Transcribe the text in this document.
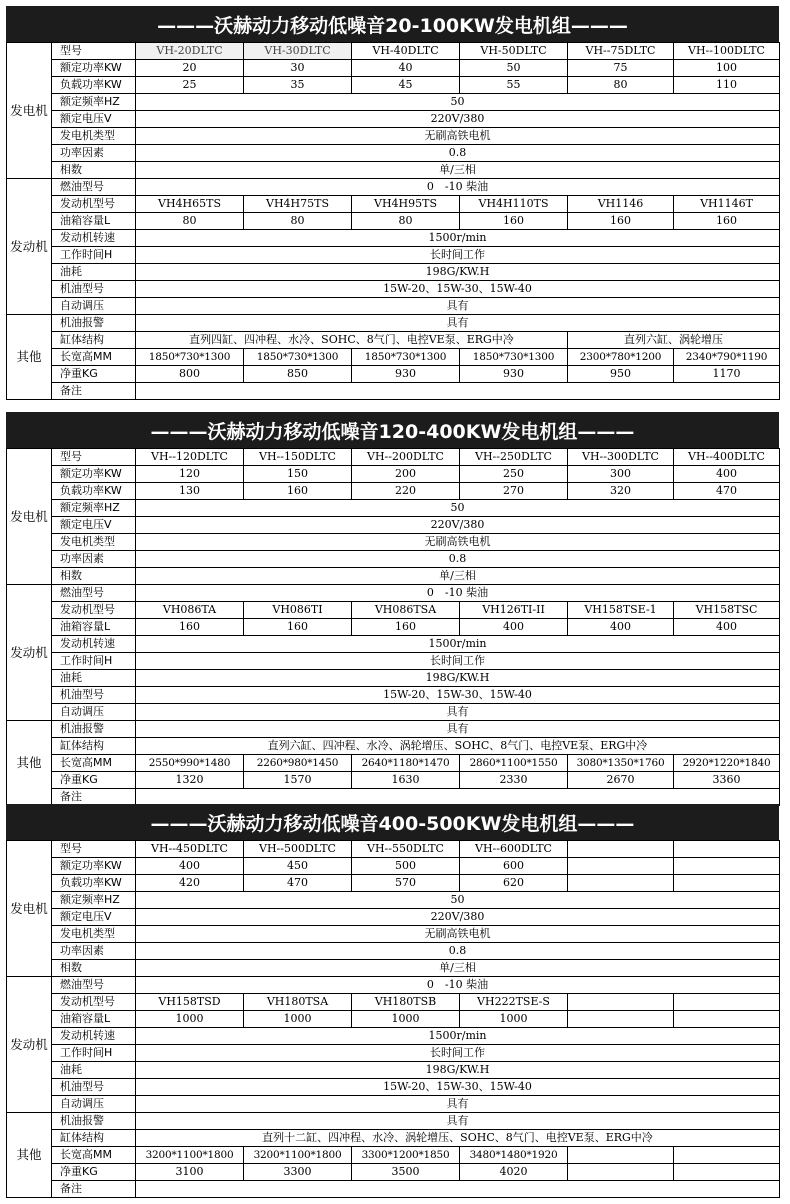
———沃赫动力移动低噪音20-100KW发电机组———
发电机	型号	VH-20DLTC	VH-30DLTC	VH-40DLTC	VH-50DLTC	VH--75DLTC	VH--100DLTC
	额定功率KW	20	30	40	50	75	100
	负载功率KW	25	35	45	55	80	110
	额定频率HZ	50					
	额定电压V	220V/380					
	发电机类型	无刷高铁电机					
	功率因素	0.8					
	相数	单/三相					
发动机	燃油型号	0　-10 柴油					
	发动机型号	VH4H65TS	VH4H75TS	VH4H95TS	VH4H110TS	VH1146	VH1146T
	油箱容量L	80	80	80	160	160	160
	发动机转速	1500r/min					
	工作时间H	长时间工作					
	油耗	198G/KW.H					
	机油型号	15W-20、15W-30、15W-40					
	自动调压	具有					
其他	机油报警	具有					
	缸体结构	直列四缸、四冲程、水冷、SOHC、8气门、电控VE泵、ERG中冷				直列六缸、涡轮增压	
	长宽高MM	1850*730*1300	1850*730*1300	1850*730*1300	1850*730*1300	2300*780*1200	2340*790*1190
	净重KG	800	850	930	930	950	1170
	备注						
———沃赫动力移动低噪音120-400KW发电机组———
发电机	型号	VH--120DLTC	VH--150DLTC	VH--200DLTC	VH--250DLTC	VH--300DLTC	VH--400DLTC
	额定功率KW	120	150	200	250	300	400
	负载功率KW	130	160	220	270	320	470
	额定频率HZ	50					
	额定电压V	220V/380					
	发电机类型	无刷高铁电机					
	功率因素	0.8					
	相数	单/三相					
发动机	燃油型号	0　-10 柴油					
	发动机型号	VH086TA	VH086TI	VH086TSA	VH126TI-II	VH158TSE-1	VH158TSC
	油箱容量L	160	160	160	400	400	400
	发动机转速	1500r/min					
	工作时间H	长时间工作					
	油耗	198G/KW.H					
	机油型号	15W-20、15W-30、15W-40					
	自动调压	具有					
其他	机油报警	具有					
	缸体结构	直列六缸、四冲程、水冷、涡轮增压、SOHC、8气门、电控VE泵、ERG中冷					
	长宽高MM	2550*990*1480	2260*980*1450	2640*1180*1470	2860*1100*1550	3080*1350*1760	2920*1220*1840
	净重KG	1320	1570	1630	2330	2670	3360
	备注						
———沃赫动力移动低噪音400-500KW发电机组———
发电机	型号	VH--450DLTC	VH--500DLTC	VH--550DLTC	VH--600DLTC		
	额定功率KW	400	450	500	600		
	负载功率KW	420	470	570	620		
	额定频率HZ	50					
	额定电压V	220V/380					
	发电机类型	无刷高铁电机					
	功率因素	0.8					
	相数	单/三相					
发动机	燃油型号	0　-10 柴油					
	发动机型号	VH158TSD	VH180TSA	VH180TSB	VH222TSE-S		
	油箱容量L	1000	1000	1000	1000		
	发动机转速	1500r/min					
	工作时间H	长时间工作					
	油耗	198G/KW.H					
	机油型号	15W-20、15W-30、15W-40					
	自动调压	具有					
其他	机油报警	具有					
	缸体结构	直列十二缸、四冲程、水冷、涡轮增压、SOHC、8气门、电控VE泵、ERG中冷					
	长宽高MM	3200*1100*1800	3200*1100*1800	3300*1200*1850	3480*1480*1920		
	净重KG	3100	3300	3500	4020		
	备注						
